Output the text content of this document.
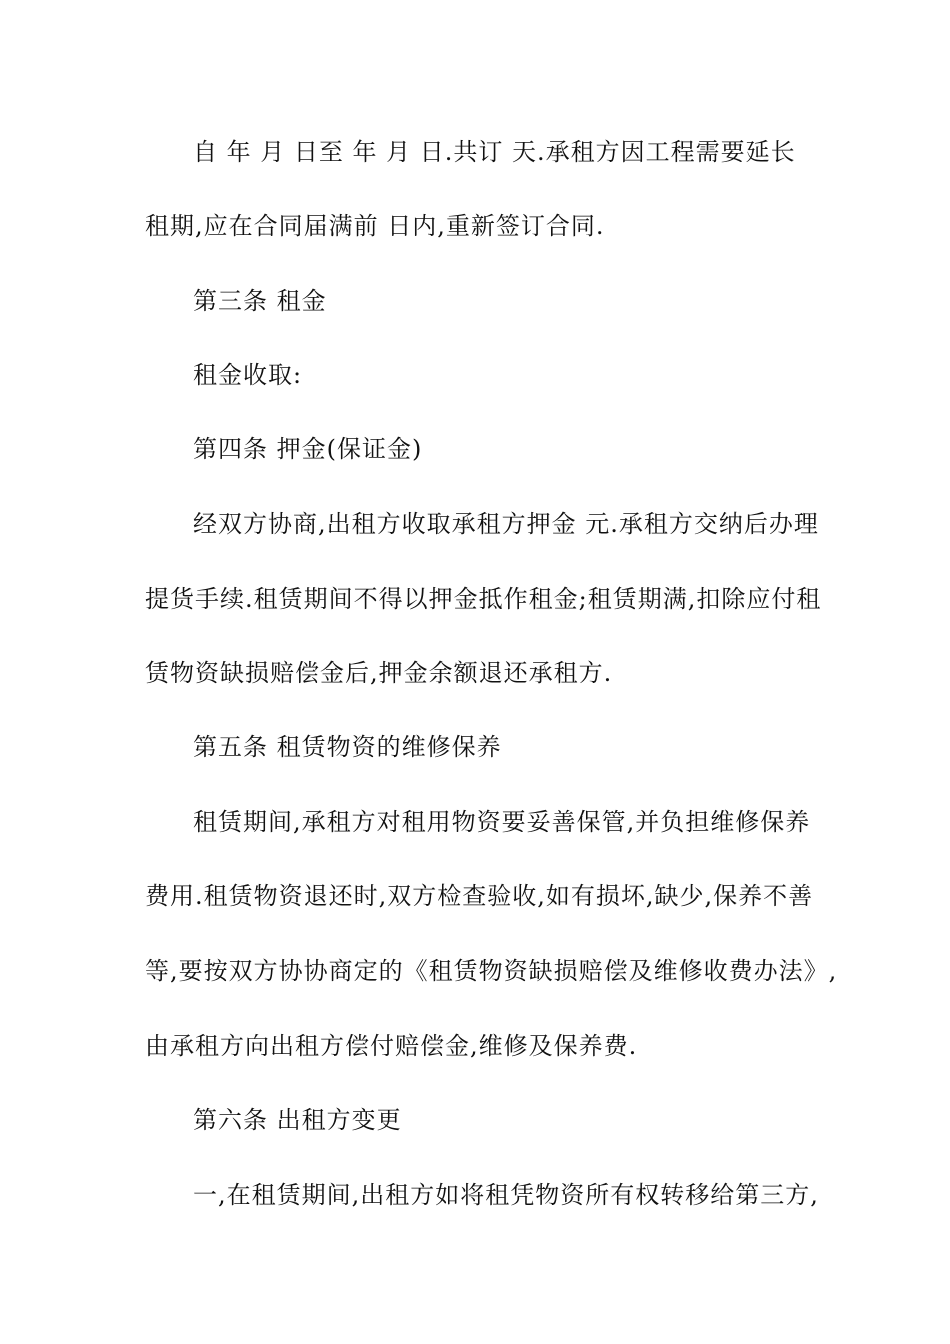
自 年 月 日至 年 月 日.共订 天.承租方因工程需要延长
租期,应在合同届满前 日内,重新签订合同.
第三条 租金
租金收取:
第四条 押金(保证金)
经双方协商,出租方收取承租方押金 元.承租方交纳后办理
提货手续.租赁期间不得以押金抵作租金;租赁期满,扣除应付租
赁物资缺损赔偿金后,押金余额退还承租方.
第五条 租赁物资的维修保养
租赁期间,承租方对租用物资要妥善保管,并负担维修保养
费用.租赁物资退还时,双方检查验收,如有损坏,缺少,保养不善
等,要按双方协协商定的《租赁物资缺损赔偿及维修收费办法》,
由承租方向出租方偿付赔偿金,维修及保养费.
第六条 出租方变更
一,在租赁期间,出租方如将租凭物资所有权转移给第三方,
